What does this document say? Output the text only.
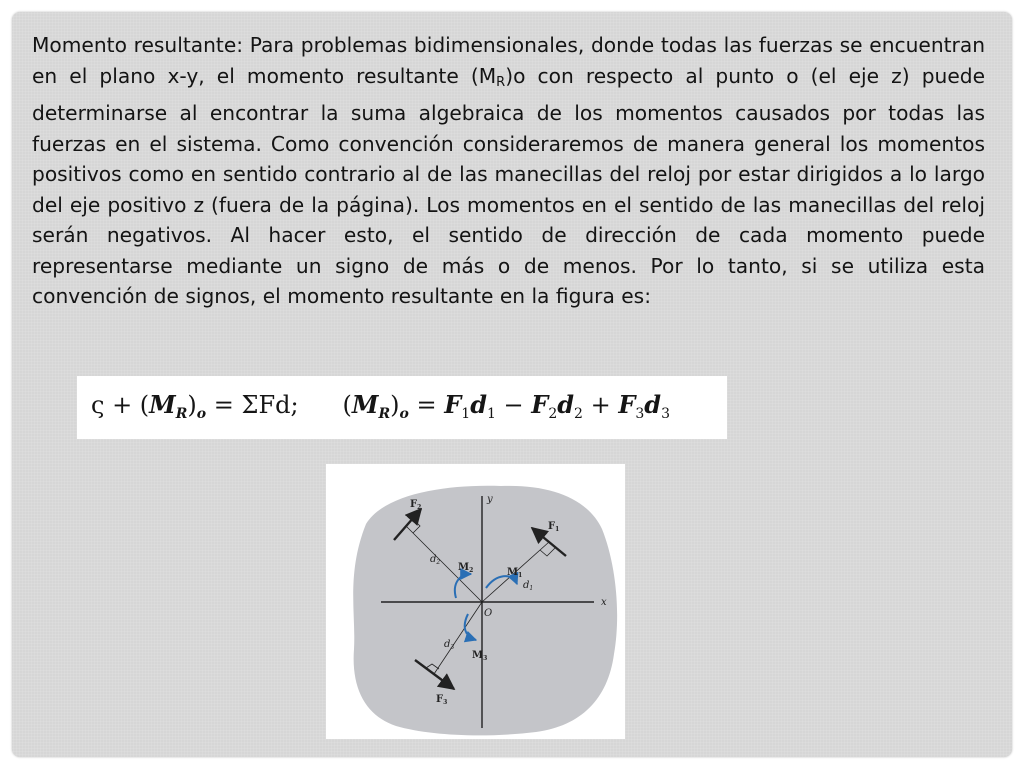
Momento resultante: Para problemas bidimensionales, donde todas las fuerzas se encuentran en el plano x-y, el momento resultante $(M_R)o$ con respecto al punto o (el eje z) puede determinarse al encontrar la suma algebraica de los momentos causados por todas las fuerzas en el sistema. Como convención consideraremos de manera general los momentos positivos como en sentido contrario al de las manecillas del reloj por estar dirigidos a lo largo del eje positivo z (fuera de la página). Los momentos en el sentido de las manecillas del reloj serán negativos. Al hacer esto, el sentido de dirección de cada momento puede representarse mediante un signo de más o de menos. Por lo tanto, si se utiliza esta convención de signos, el momento resultante en la figura es:

$\varsigma + (M_R)_o = \Sigma Fd$; $(M_R)_o = F_1d_1 - F_2d_2 + F_3d_3$
$F_1$
$F_2$
$F_3$
$M_1$
$M_2$
$M_3$
$d_1$
$d_2$
$d_3$
x
y
O
